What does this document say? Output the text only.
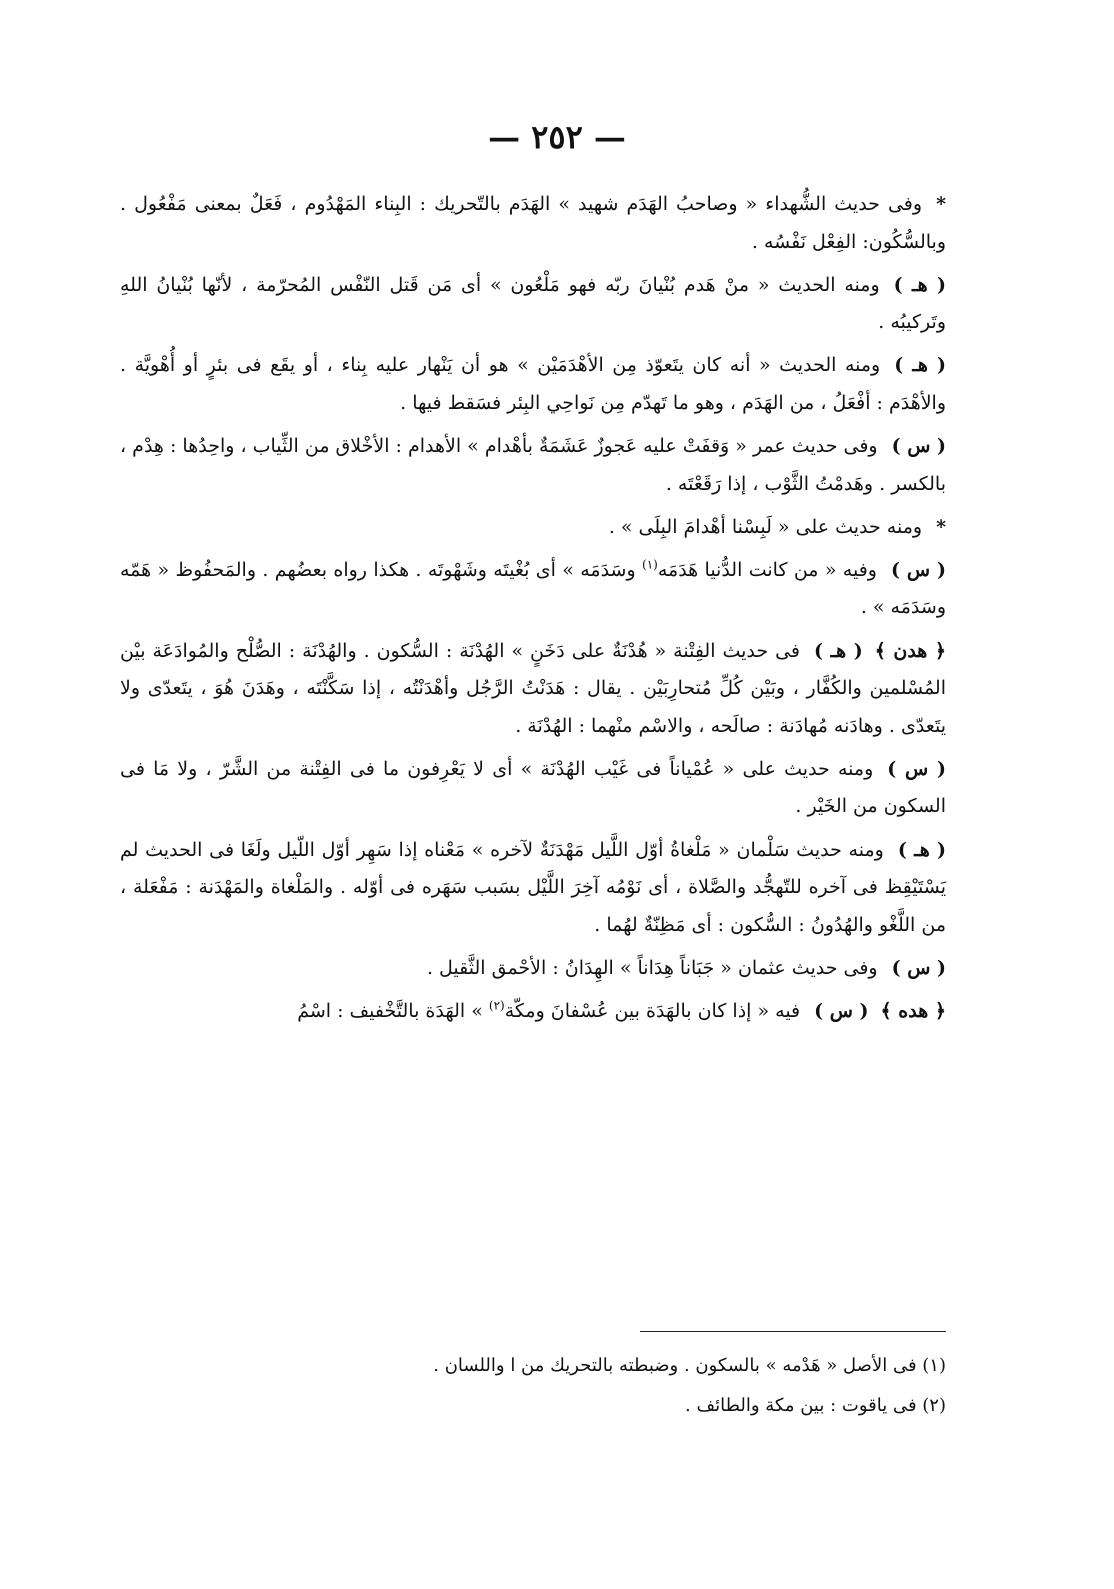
— ٢٥٢ —

*وفى حديث الشُّهداء « وصاحبُ الهَدَم شهيد » الهَدَم بالتّحريك : البِناء المَهْدُوم ، فَعَلٌ بمعنى مَفْعُول . وبالسُّكُون: الفِعْل نَفْسُه .

( هـ )ومنه الحديث « منْ هَدم بُنْيانَ ربّه فهو مَلْعُون » أى مَن قَتل النّفْس المُحرّمة ، لأنّها بُنْيانُ اللهِ وتَركيبُه .

( هـ )ومنه الحديث « أنه كان يتَعوّذ مِن الأهْدَمَيْن » هو أن يَنْهار عليه بِناء ، أو يقَع فى بئرٍ أو أُهْويَّة . والأهْدَم : أفْعَلُ ، من الهَدَم ، وهو ما تَهدّم مِن نَواحِي البِئر فسَقط فيها .

( س )وفى حديث عمر « وَقفَتْ عليه عَجوزٌ عَشَمَةٌ بأهْدام » الأهدام : الأخْلاق من الثِّياب ، واحِدُها : هِدْم ، بالكسر . وهَدمْتُ الثَّوْب ، إذا رَقَعْتَه .

*ومنه حديث على « لَبِسْنا أهْدامَ البِلَى » .

( س )وفيه « من كانت الدُّنيا هَدَمَه$^{(١)}$ وسَدَمَه » أى بُغْيتَه وشَهْوتَه . هكذا رواه بعضُهم . والمَحفُوظ « هَمّه وسَدَمَه » .

﴿ هدن ﴾( هـ )فى حديث الفِتْنة « هُدْنَةٌ على دَخَنٍ » الهُدْنَة : السُّكون . والهُدْنَة : الصُّلْح والمُوادَعَة بيْن المُسْلمين والكُفَّار ، وبَيْن كُلِّ مُتحارِبَيْن . يقال : هَدَنْتُ الرَّجُل وأهْدَنْتُه ، إذا سَكَّنْتَه ، وهَدَنَ هُوَ ، يتَعدّى ولا يتَعدّى . وهادَنه مُهادَنة : صالَحه ، والاسْم منْهما : الهُدْنَة .

( س )ومنه حديث على « عُمْياناً فى غَيْب الهُدْنَة » أى لا يَعْرِفون ما فى الفِتْنة من الشَّرّ ، ولا مَا فى السكون من الخَيْر .

( هـ )ومنه حديث سَلْمان « مَلْغاةُ أوّل اللَّيل مَهْدَنَةٌ لآخره » مَعْناه إذا سَهِر أوّل اللّيل ولَغَا فى الحديث لم يَسْتَيْقِظ فى آخره للتّهجُّد والصَّلاة ، أى نَوْمُه آخِرَ اللَّيْل بسَبب سَهَره فى أوّله . والمَلْغاة والمَهْدَنة : مَفْعَلة ، من اللَّغْو والهُدُونُ : السُّكون : أى مَظِنّةٌ لهُما .

( س )وفى حديث عثمان « جَبَاناً هِدَاناً » الهِدَانُ : الأحْمق الثَّقيل .

﴿ هده ﴾( س )فيه « إذا كان بالهَدَة بين عُسْفانَ ومكّة$^{(٢)}$ » الهَدَة بالتَّخْفيف : اسْمُ

(١) فى الأصل « هَدْمه » بالسكون . وضبطته بالتحريك من ا واللسان .

(٢) فى ياقوت : بين مكة والطائف .
